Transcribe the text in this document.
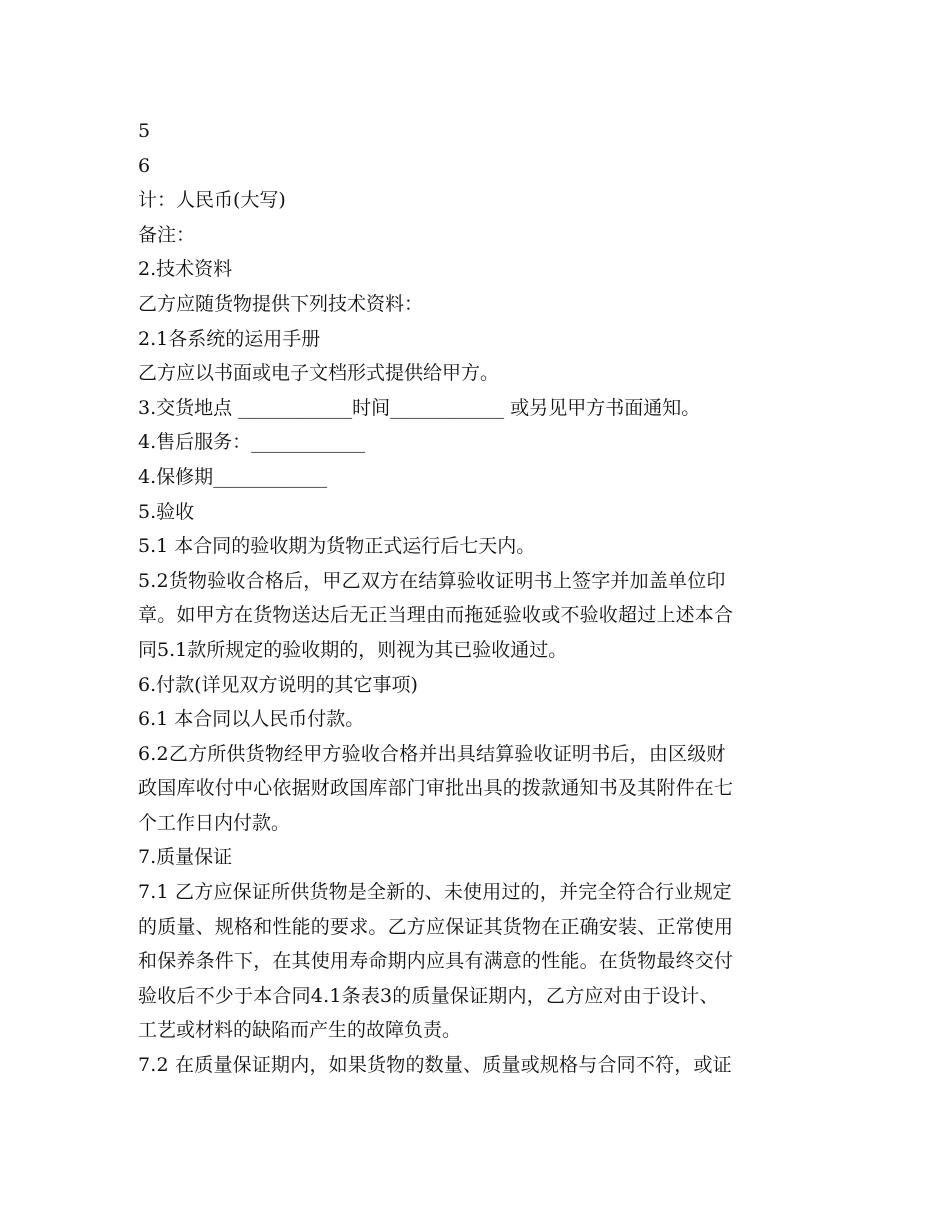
5
6
计：人民币(大写)
备注：
2.技术资料
乙方应随货物提供下列技术资料：
2.1各系统的运用手册
乙方应以书面或电子文档形式提供给甲方。
3.交货地点 ____________时间____________ 或另见甲方书面通知。
4.售后服务：____________
4.保修期____________
5.验收
5.1 本合同的验收期为货物正式运行后七天内。
5.2货物验收合格后，甲乙双方在结算验收证明书上签字并加盖单位印
章。如甲方在货物送达后无正当理由而拖延验收或不验收超过上述本合
同5.1款所规定的验收期的，则视为其已验收通过。
6.付款(详见双方说明的其它事项)
6.1 本合同以人民币付款。
6.2乙方所供货物经甲方验收合格并出具结算验收证明书后，由区级财
政国库收付中心依据财政国库部门审批出具的拨款通知书及其附件在七
个工作日内付款。
7.质量保证
7.1 乙方应保证所供货物是全新的、未使用过的，并完全符合行业规定
的质量、规格和性能的要求。乙方应保证其货物在正确安装、正常使用
和保养条件下，在其使用寿命期内应具有满意的性能。在货物最终交付
验收后不少于本合同4.1条表3的质量保证期内，乙方应对由于设计、
工艺或材料的缺陷而产生的故障负责。
7.2 在质量保证期内，如果货物的数量、质量或规格与合同不符，或证
